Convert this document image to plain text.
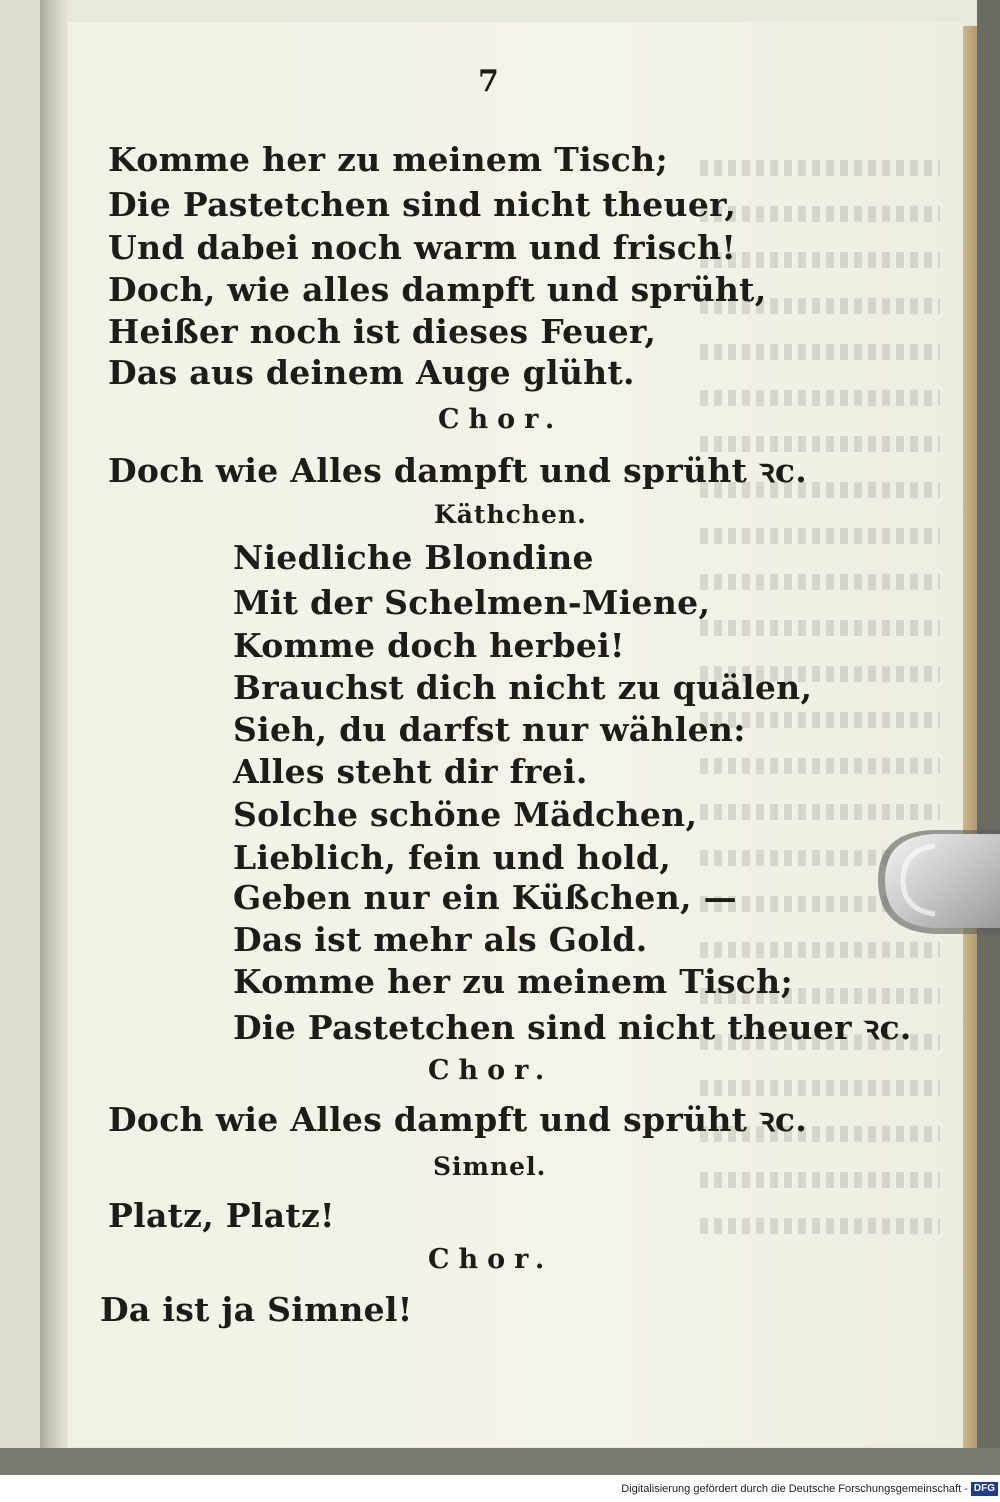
7
Komme her zu meinem Tisch;
Die Pastetchen sind nicht theuer,
Und dabei noch warm und frisch!
Doch, wie alles dampft und sprüht,
Heißer noch ist dieses Feuer,
Das aus deinem Auge glüht.
Chor.
Doch wie Alles dampft und sprüht ꝛc.
Käthchen.
Niedliche Blondine
Mit der Schelmen-Miene,
Komme doch herbei!
Brauchst dich nicht zu quälen,
Sieh, du darfst nur wählen:
Alles steht dir frei.
Solche schöne Mädchen,
Lieblich, fein und hold,
Geben nur ein Küßchen, —
Das ist mehr als Gold.
Komme her zu meinem Tisch;
Die Pastetchen sind nicht theuer ꝛc.
Chor.
Doch wie Alles dampft und sprüht ꝛc.
Simnel.
Platz, Platz!
Chor.
Da ist ja Simnel!
Digitalisierung gefördert durch die Deutsche Forschungsgemeinschaft - DFG
